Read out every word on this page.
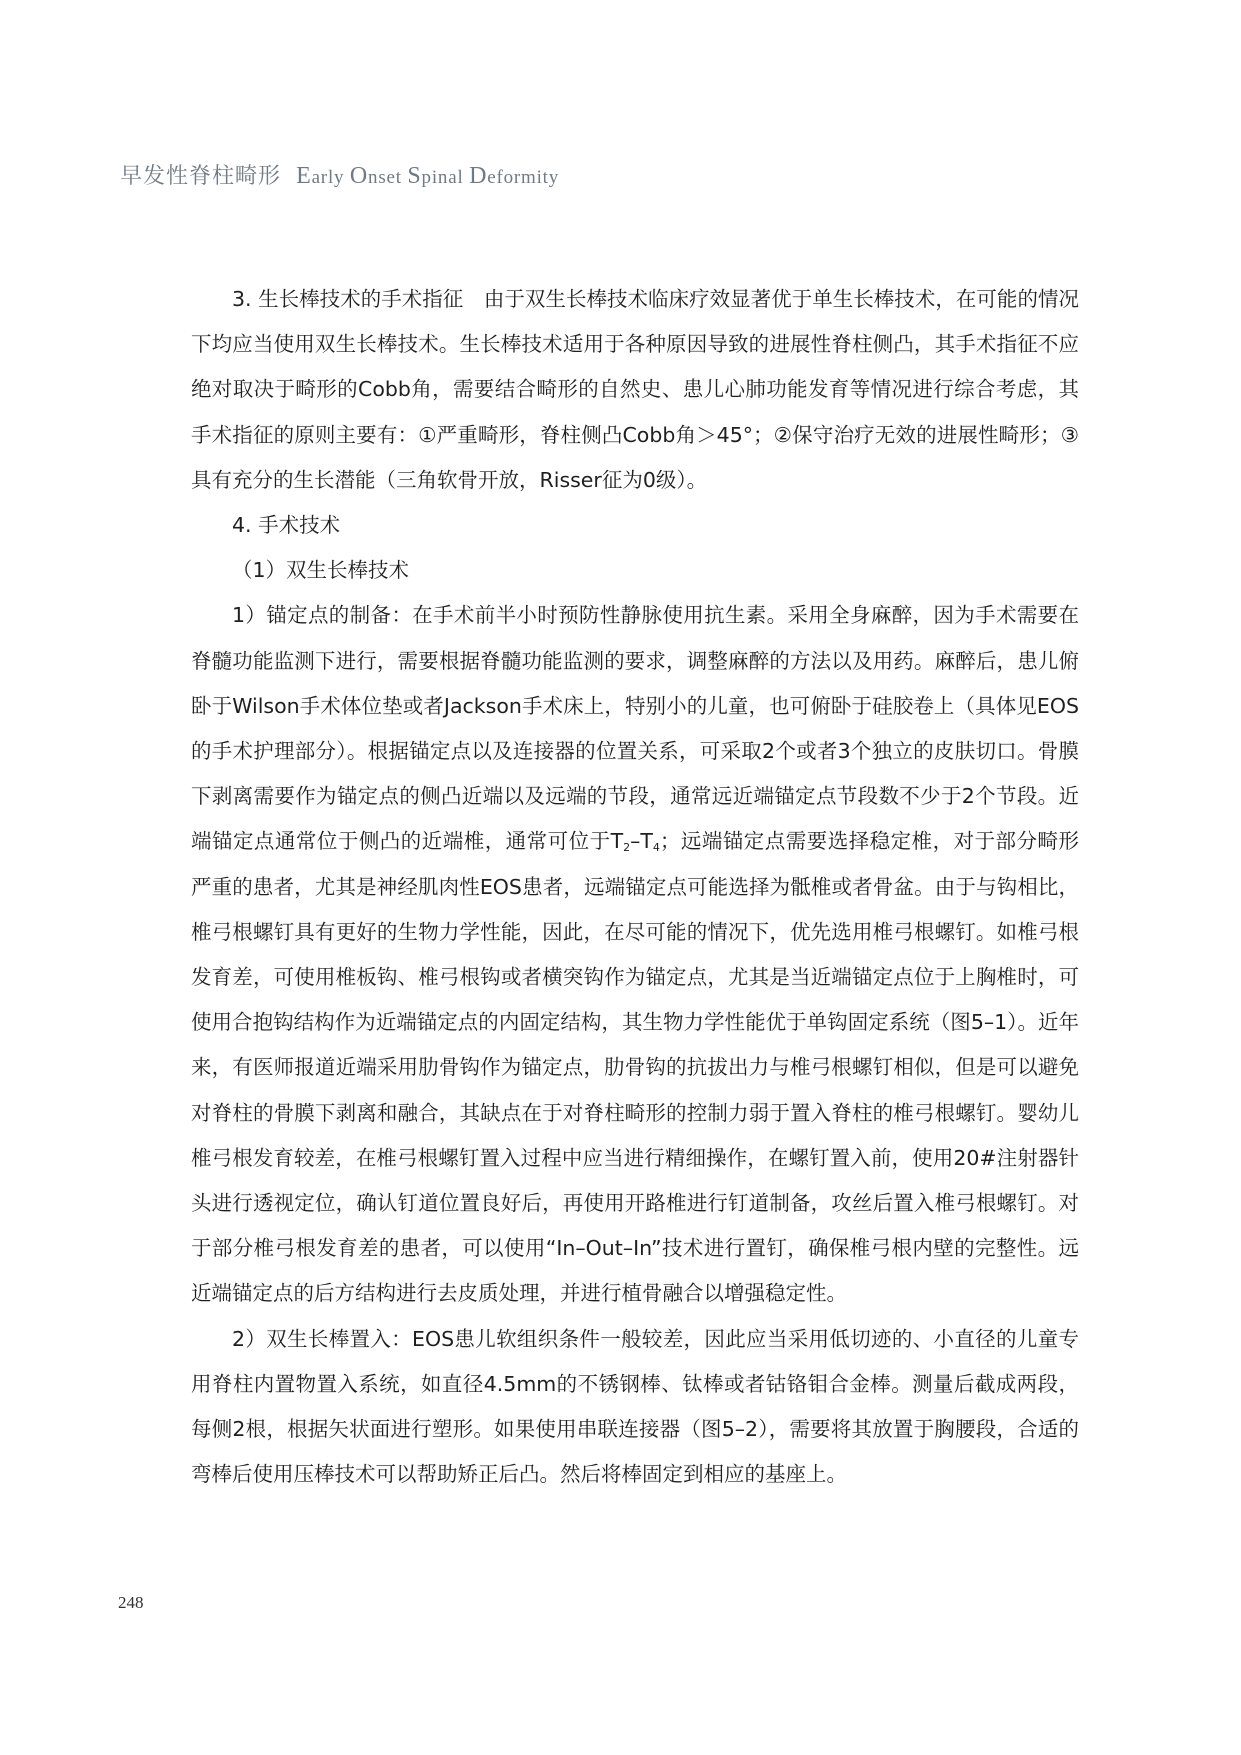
早发性脊柱畸形 Early Onset Spinal Deformity

3. 生长棒技术的手术指征　由于双生长棒技术临床疗效显著优于单生长棒技术，在可能的情况下均应当使用双生长棒技术。生长棒技术适用于各种原因导致的进展性脊柱侧凸，其手术指征不应绝对取决于畸形的Cobb角，需要结合畸形的自然史、患儿心肺功能发育等情况进行综合考虑，其手术指征的原则主要有：①严重畸形，脊柱侧凸Cobb角＞45°；②保守治疗无效的进展性畸形；③具有充分的生长潜能（三角软骨开放，Risser征为0级）。

4. 手术技术

（1）双生长棒技术

1）锚定点的制备：在手术前半小时预防性静脉使用抗生素。采用全身麻醉，因为手术需要在脊髓功能监测下进行，需要根据脊髓功能监测的要求，调整麻醉的方法以及用药。麻醉后，患儿俯卧于Wilson手术体位垫或者Jackson手术床上，特别小的儿童，也可俯卧于硅胶卷上（具体见EOS的手术护理部分）。根据锚定点以及连接器的位置关系，可采取2个或者3个独立的皮肤切口。骨膜下剥离需要作为锚定点的侧凸近端以及远端的节段，通常远近端锚定点节段数不少于2个节段。近端锚定点通常位于侧凸的近端椎，通常可位于$T_2-T_4$；远端锚定点需要选择稳定椎，对于部分畸形严重的患者，尤其是神经肌肉性EOS患者，远端锚定点可能选择为骶椎或者骨盆。由于与钩相比，椎弓根螺钉具有更好的生物力学性能，因此，在尽可能的情况下，优先选用椎弓根螺钉。如椎弓根发育差，可使用椎板钩、椎弓根钩或者横突钩作为锚定点，尤其是当近端锚定点位于上胸椎时，可使用合抱钩结构作为近端锚定点的内固定结构，其生物力学性能优于单钩固定系统（图5–1）。近年来，有医师报道近端采用肋骨钩作为锚定点，肋骨钩的抗拔出力与椎弓根螺钉相似，但是可以避免对脊柱的骨膜下剥离和融合，其缺点在于对脊柱畸形的控制力弱于置入脊柱的椎弓根螺钉。婴幼儿椎弓根发育较差，在椎弓根螺钉置入过程中应当进行精细操作，在螺钉置入前，使用20#注射器针头进行透视定位，确认钉道位置良好后，再使用开路椎进行钉道制备，攻丝后置入椎弓根螺钉。对于部分椎弓根发育差的患者，可以使用“In–Out–In”技术进行置钉，确保椎弓根内壁的完整性。远近端锚定点的后方结构进行去皮质处理，并进行植骨融合以增强稳定性。

2）双生长棒置入：EOS患儿软组织条件一般较差，因此应当采用低切迹的、小直径的儿童专用脊柱内置物置入系统，如直径4.5mm的不锈钢棒、钛棒或者钴铬钼合金棒。测量后截成两段，每侧2根，根据矢状面进行塑形。如果使用串联连接器（图5–2），需要将其放置于胸腰段，合适的弯棒后使用压棒技术可以帮助矫正后凸。然后将棒固定到相应的基座上。

248
